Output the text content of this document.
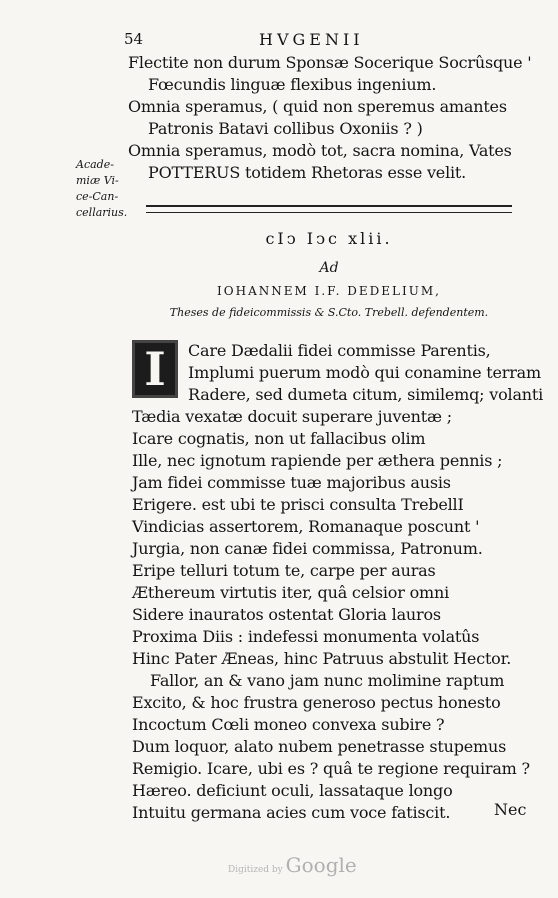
54	HVGENII
Flectite non durum Sponsæ Socerique Socrûsque '
Fœcundis linguæ flexibus ingenium.
Omnia speramus, ( quid non speremus amantes
Patronis Batavi collibus Oxoniis ? )
Omnia speramus, modò tot, sacra nomina, Vates
POTTERUS totidem Rhetoras esse velit.
Acade-
miæ Vi-
ce-Can-
cellarius.
cIↄ Iↄc xlii.
Ad
IOHANNEM I.F. DEDELIUM,
Theses de fideicommissis & S.Cto. Trebell. defendentem.
I	Care Dædalii fidei commisse Parentis,
Implumi puerum modò qui conamine terram
Radere, sed dumeta citum, similemq; volanti
Tædia vexatæ docuit superare juventæ ;
Icare cognatis, non ut fallacibus olim
Ille, nec ignotum rapiende per æthera pennis ;
Jam fidei commisse tuæ majoribus ausis
Erigere. est ubi te prisci consulta TrebellI
Vindicias assertorem, Romanaque poscunt '
Jurgia, non canæ fidei commissa, Patronum.
Eripe telluri totum te, carpe per auras
Æthereum virtutis iter, quâ celsior omni
Sidere inauratos ostentat Gloria lauros
Proxima Diis : indefessi monumenta volatûs
Hinc Pater Æneas, hinc Patruus abstulit Hector.
Fallor, an & vano jam nunc molimine raptum
Excito, & hoc frustra generoso pectus honesto
Incoctum Cœli moneo convexa subire ?
Dum loquor, alato nubem penetrasse stupemus
Remigio. Icare, ubi es ? quâ te regione requiram ?
Hæreo. deficiunt oculi, lassataque longo
Intuitu germana acies cum voce fatiscit.	Nec
Digitized by Google
